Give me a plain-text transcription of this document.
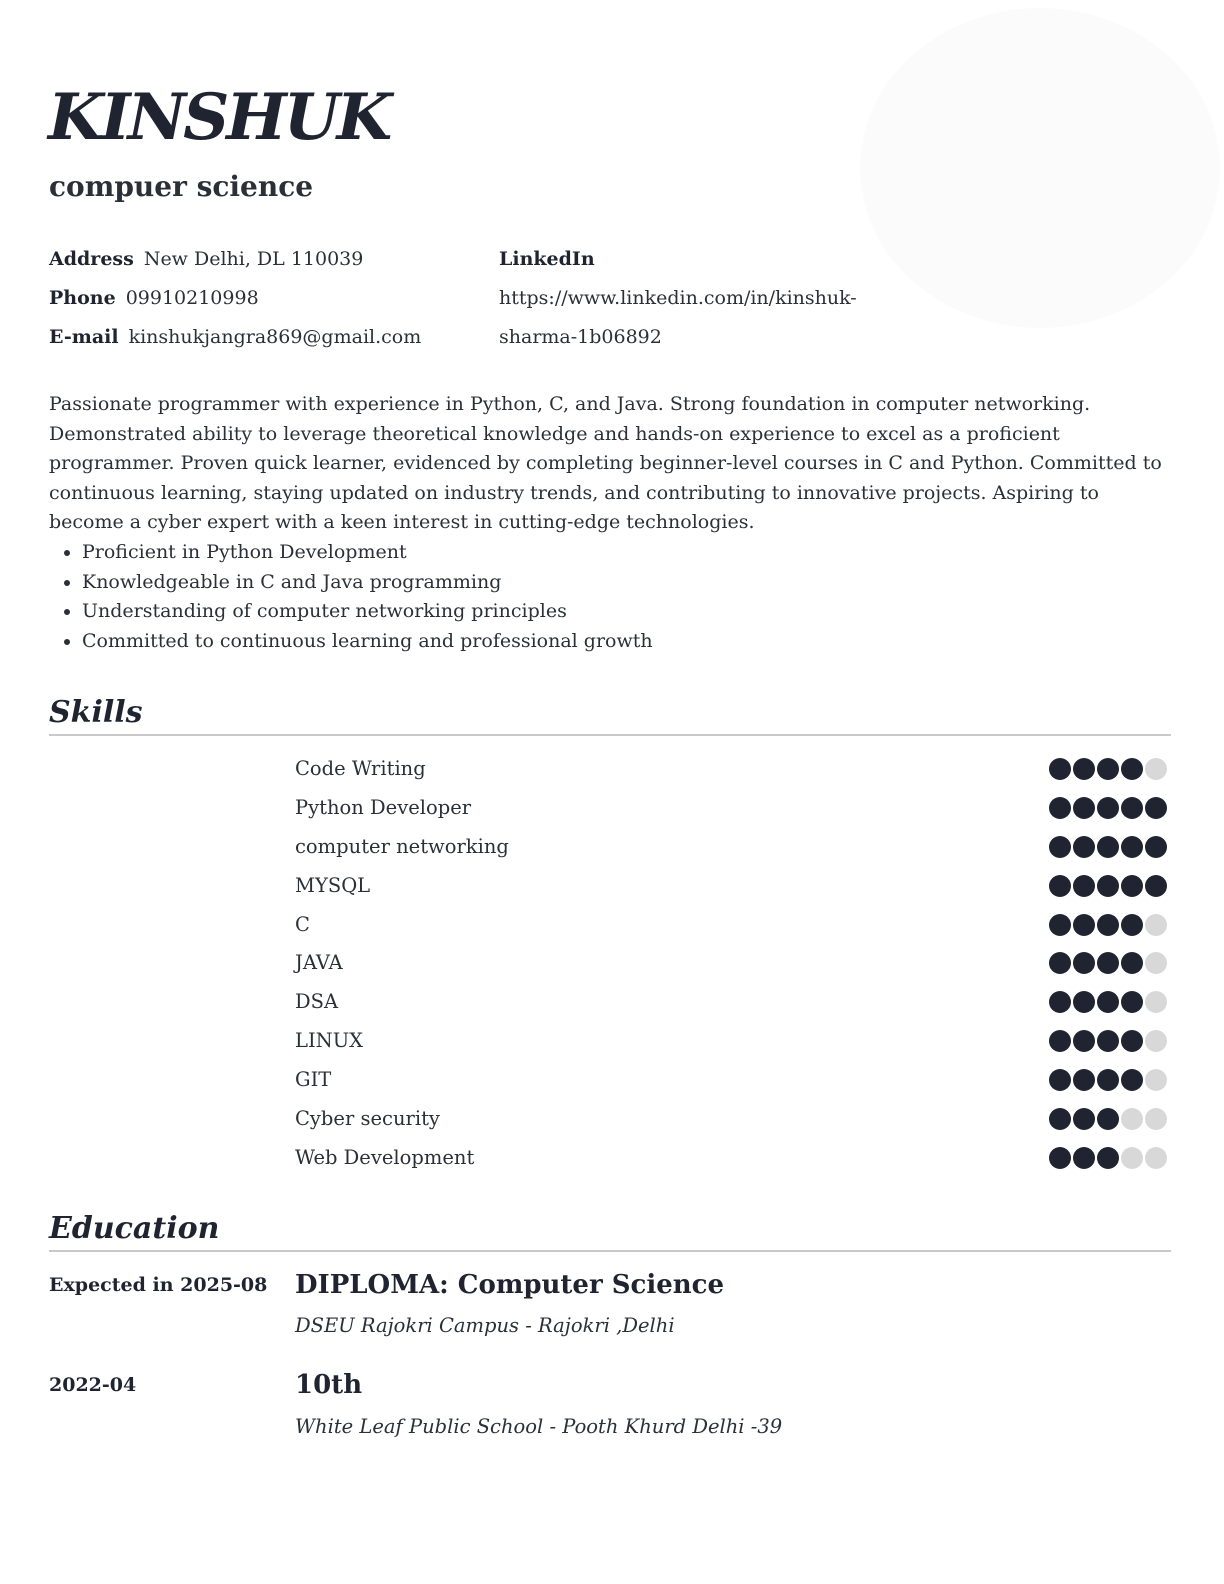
KINSHUK
compuer science
Address New Delhi, DL 110039
Phone 09910210998
E-mail kinshukjangra869@gmail.com
LinkedIn
https://www.linkedin.com/in/kinshuk-
sharma-1b06892

Passionate programmer with experience in Python, C, and Java. Strong foundation in computer networking. Demonstrated ability to leverage theoretical knowledge and hands-on experience to excel as a proficient programmer. Proven quick learner, evidenced by completing beginner-level courses in C and Python. Committed to continuous learning, staying updated on industry trends, and contributing to innovative projects. Aspiring to become a cyber expert with a keen interest in cutting-edge technologies.

• Proficient in Python Development
• Knowledgeable in C and Java programming
• Understanding of computer networking principles
• Committed to continuous learning and professional growth
Skills
Code Writing
Python Developer
computer networking
MYSQL
C
JAVA
DSA
LINUX
GIT
Cyber security
Web Development
Education
Expected in 2025-08 DIPLOMA: Computer Science
DSEU Rajokri Campus - Rajokri ,Delhi
2022-04	10th
White Leaf Public School - Pooth Khurd Delhi -39
